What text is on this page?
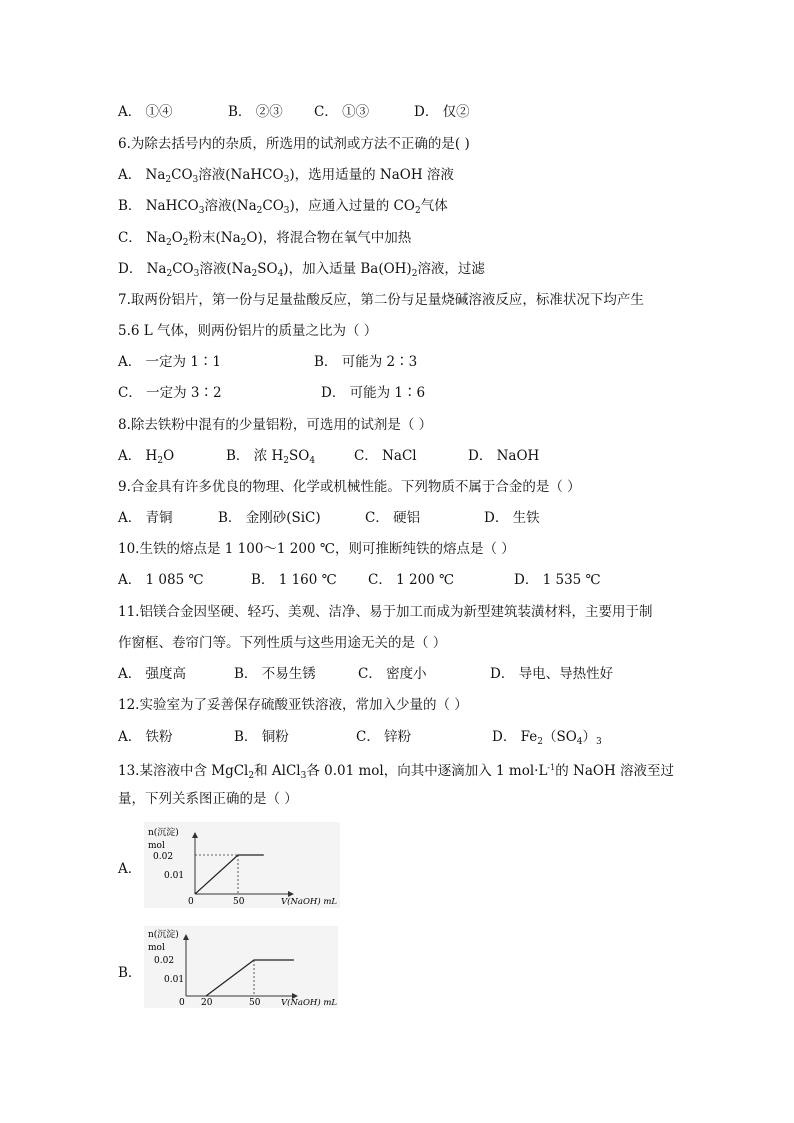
A． ①④	B． ②③ C． ①③	D． 仅②
6.为除去括号内的杂质，所选用的试剂或方法不正确的是( )
A． $Na_2CO_3$溶液(NaHCO$_3$)，选用适量的 NaOH 溶液
B． NaHCO$_3$溶液$(Na_2CO_3)$，应通入过量的 $CO_2$气体
C． $Na_2O_2$粉末$(Na_2O)$，将混合物在氧气中加热
D． $Na_2CO_3$溶液$(Na_2SO_4)$，加入适量 $Ba(OH)_2$溶液，过滤
7.取两份铝片，第一份与足量盐酸反应，第二份与足量烧碱溶液反应，标准状况下均产生
5.6 L 气体，则两份铝片的质量之比为（ ）
A． 一定为 1∶1	B． 可能为 2∶3
C． 一定为 3∶2	D． 可能为 1∶6
8.除去铁粉中混有的少量铝粉，可选用的试剂是（ ）
A． $H_2O$	B． 浓 $H_2SO_4$	C． NaCl	D． NaOH
9.合金具有许多优良的物理、化学或机械性能。下列物质不属于合金的是（ ）
A． 青铜	B． 金刚砂(SiC)	C． 硬铝	D． 生铁
10.生铁的熔点是 1 100～1 200 ℃，则可推断纯铁的熔点是（ ）
A． 1 085 ℃	B． 1 160 ℃ C． 1 200 ℃	D． 1 535 ℃
11.铝镁合金因坚硬、轻巧、美观、洁净、易于加工而成为新型建筑装潢材料，主要用于制
作窗框、卷帘门等。下列性质与这些用途无关的是（ ）
A． 强度高	B． 不易生锈	C． 密度小	D． 导电、导热性好
12.实验室为了妥善保存硫酸亚铁溶液，常加入少量的（ ）
A． 铁粉	B． 铜粉	C． 锌粉	D． $Fe_2(SO_4)_3$
13.某溶液中含 MgCl$_2$和 AlCl$_3$各 0.01 mol，向其中逐滴加入 1 $mol\cdot L^{-1}$的 NaOH 溶液至过
量，下列关系图正确的是（ ）
A．
n(沉淀)
mol
0.02
0.01
0	50	V(NaOH) mL
B．
n(沉淀)
mol
0.02
0.01
0 20	50 V(NaOH) mL
